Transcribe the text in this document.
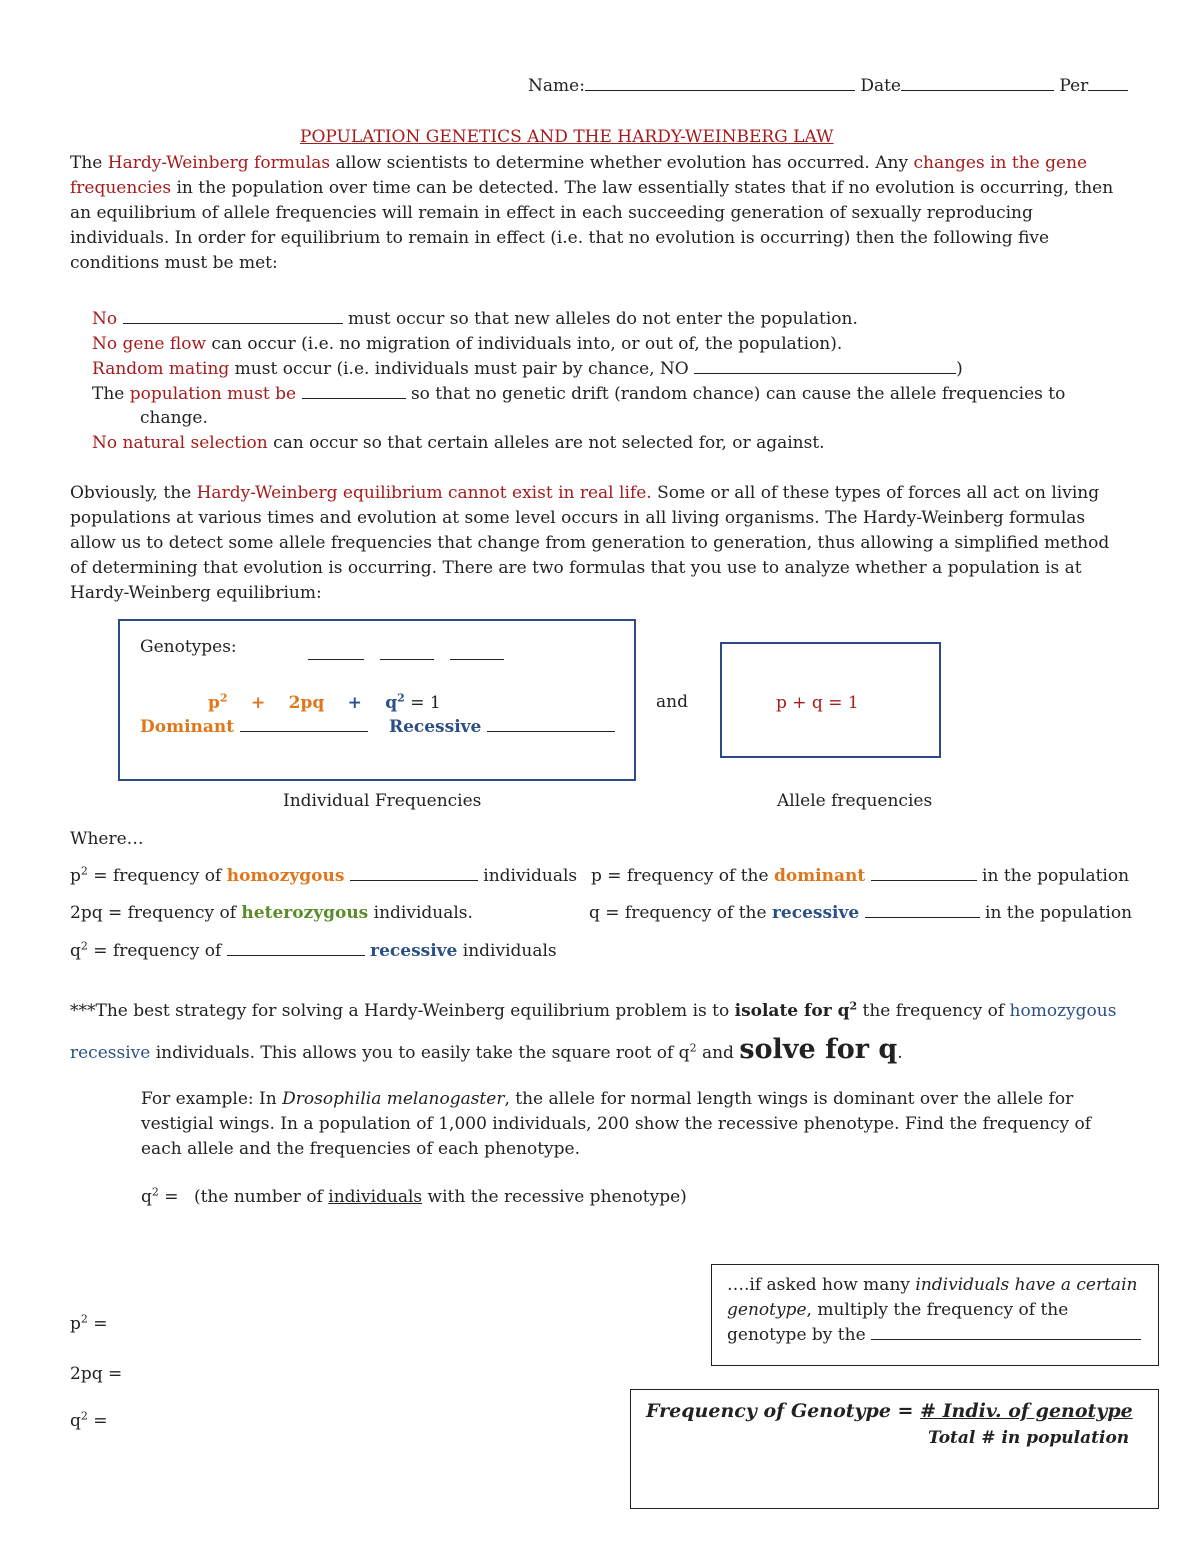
Name:	Date	Per
POPULATION GENETICS AND THE HARDY-WEINBERG LAW
The Hardy-Weinberg formulas allow scientists to determine whether evolution has occurred. Any changes in the gene frequencies in the population over time can be detected. The law essentially states that if no evolution is occurring, then an equilibrium of allele frequencies will remain in effect in each succeeding generation of sexually reproducing individuals. In order for equilibrium to remain in effect (i.e. that no evolution is occurring) then the following five conditions must be met:
No	must occur so that new alleles do not enter the population.
No gene flow can occur (i.e. no migration of individuals into, or out of, the population).
Random mating must occur (i.e. individuals must pair by chance, NO	)
The population must be	so that no genetic drift (random chance) can cause the allele frequencies to
change.
No natural selection can occur so that certain alleles are not selected for, or against.
Obviously, the Hardy-Weinberg equilibrium cannot exist in real life. Some or all of these types of forces all act on living populations at various times and evolution at some level occurs in all living organisms. The Hardy-Weinberg formulas allow us to detect some allele frequencies that change from generation to generation, thus allowing a simplified method of determining that evolution is occurring. There are two formulas that you use to analyze whether a population is at Hardy-Weinberg equilibrium:
Genotypes:
$p^2 + 2pq + q^2 = 1$
Dominant	Recessive
Individual Frequencies
and	p + q = 1
Allele frequencies
Where…
$p^2$ = frequency of homozygous	individuals p = frequency of the dominant	in the population
2pq = frequency of heterozygous individuals.	q = frequency of the recessive	in the population
$q^2$ = frequency of	recessive individuals
***The best strategy for solving a Hardy-Weinberg equilibrium problem is to isolate for $q^2$ the frequency of homozygous
recessive individuals. This allows you to easily take the square root of $q^2$ and solve for q.
For example: In Drosophilia melanogaster, the allele for normal length wings is dominant over the allele for vestigial wings. In a population of 1,000 individuals, 200 show the recessive phenotype. Find the frequency of each allele and the frequencies of each phenotype.
$q^2 = (the$ number of individuals with the recessive phenotype)
$p^2$ =
2pq =
$q^2$ =
….if asked how many individuals have a certain genotype, multiply the frequency of the genotype by the
Frequency of Genotype = # Indiv. of genotype
Total # in population
